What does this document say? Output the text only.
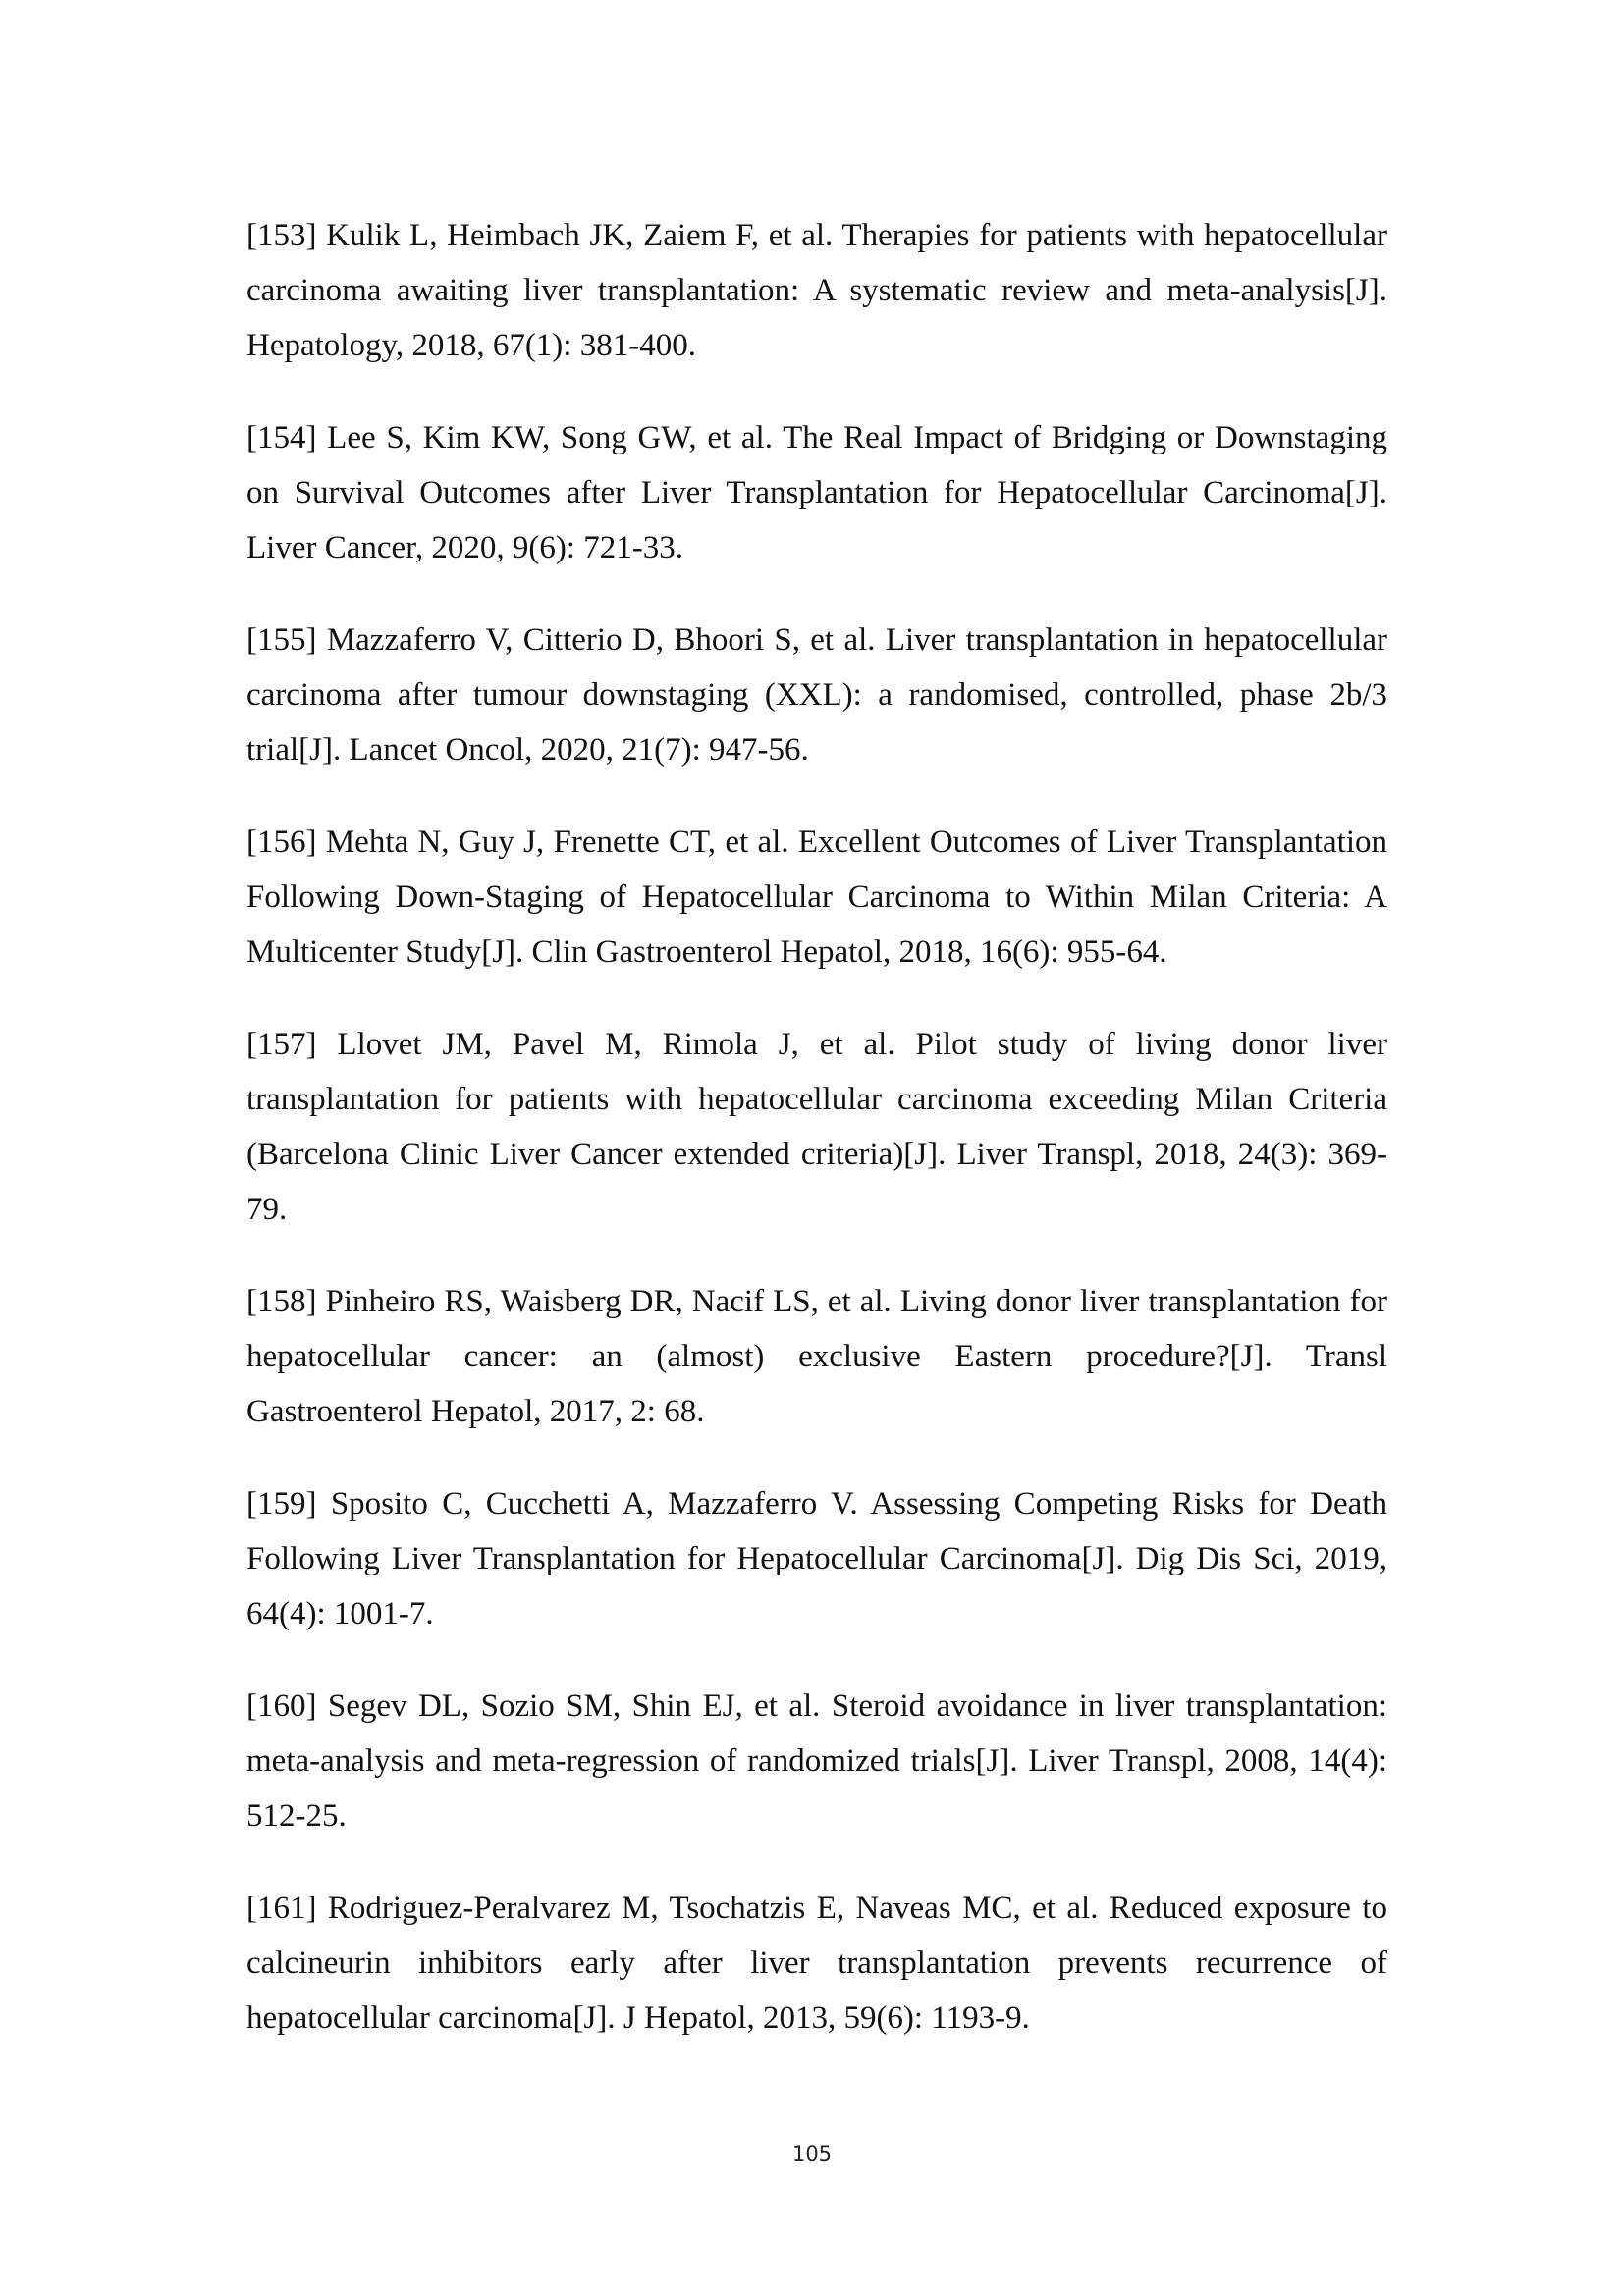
[153] Kulik L, Heimbach JK, Zaiem F, et al. Therapies for patients with hepatocellular carcinoma awaiting liver transplantation: A systematic review and meta-analysis[J]. Hepatology, 2018, 67(1): 381-400.

[154] Lee S, Kim KW, Song GW, et al. The Real Impact of Bridging or Downstaging on Survival Outcomes after Liver Transplantation for Hepatocellular Carcinoma[J]. Liver Cancer, 2020, 9(6): 721-33.

[155] Mazzaferro V, Citterio D, Bhoori S, et al. Liver transplantation in hepatocellular carcinoma after tumour downstaging (XXL): a randomised, controlled, phase 2b/3 trial[J]. Lancet Oncol, 2020, 21(7): 947-56.

[156] Mehta N, Guy J, Frenette CT, et al. Excellent Outcomes of Liver Transplantation Following Down-Staging of Hepatocellular Carcinoma to Within Milan Criteria: A Multicenter Study[J]. Clin Gastroenterol Hepatol, 2018, 16(6): 955-64.

[157] Llovet JM, Pavel M, Rimola J, et al. Pilot study of living donor liver transplantation for patients with hepatocellular carcinoma exceeding Milan Criteria (Barcelona Clinic Liver Cancer extended criteria)[J]. Liver Transpl, 2018, 24(3): 369-79.

[158] Pinheiro RS, Waisberg DR, Nacif LS, et al. Living donor liver transplantation for hepatocellular cancer: an (almost) exclusive Eastern procedure?[J]. Transl Gastroenterol Hepatol, 2017, 2: 68.

[159] Sposito C, Cucchetti A, Mazzaferro V. Assessing Competing Risks for Death Following Liver Transplantation for Hepatocellular Carcinoma[J]. Dig Dis Sci, 2019, 64(4): 1001-7.

[160] Segev DL, Sozio SM, Shin EJ, et al. Steroid avoidance in liver transplantation: meta-analysis and meta-regression of randomized trials[J]. Liver Transpl, 2008, 14(4): 512-25.

[161] Rodriguez-Peralvarez M, Tsochatzis E, Naveas MC, et al. Reduced exposure to calcineurin inhibitors early after liver transplantation prevents recurrence of hepatocellular carcinoma[J]. J Hepatol, 2013, 59(6): 1193-9.

105
